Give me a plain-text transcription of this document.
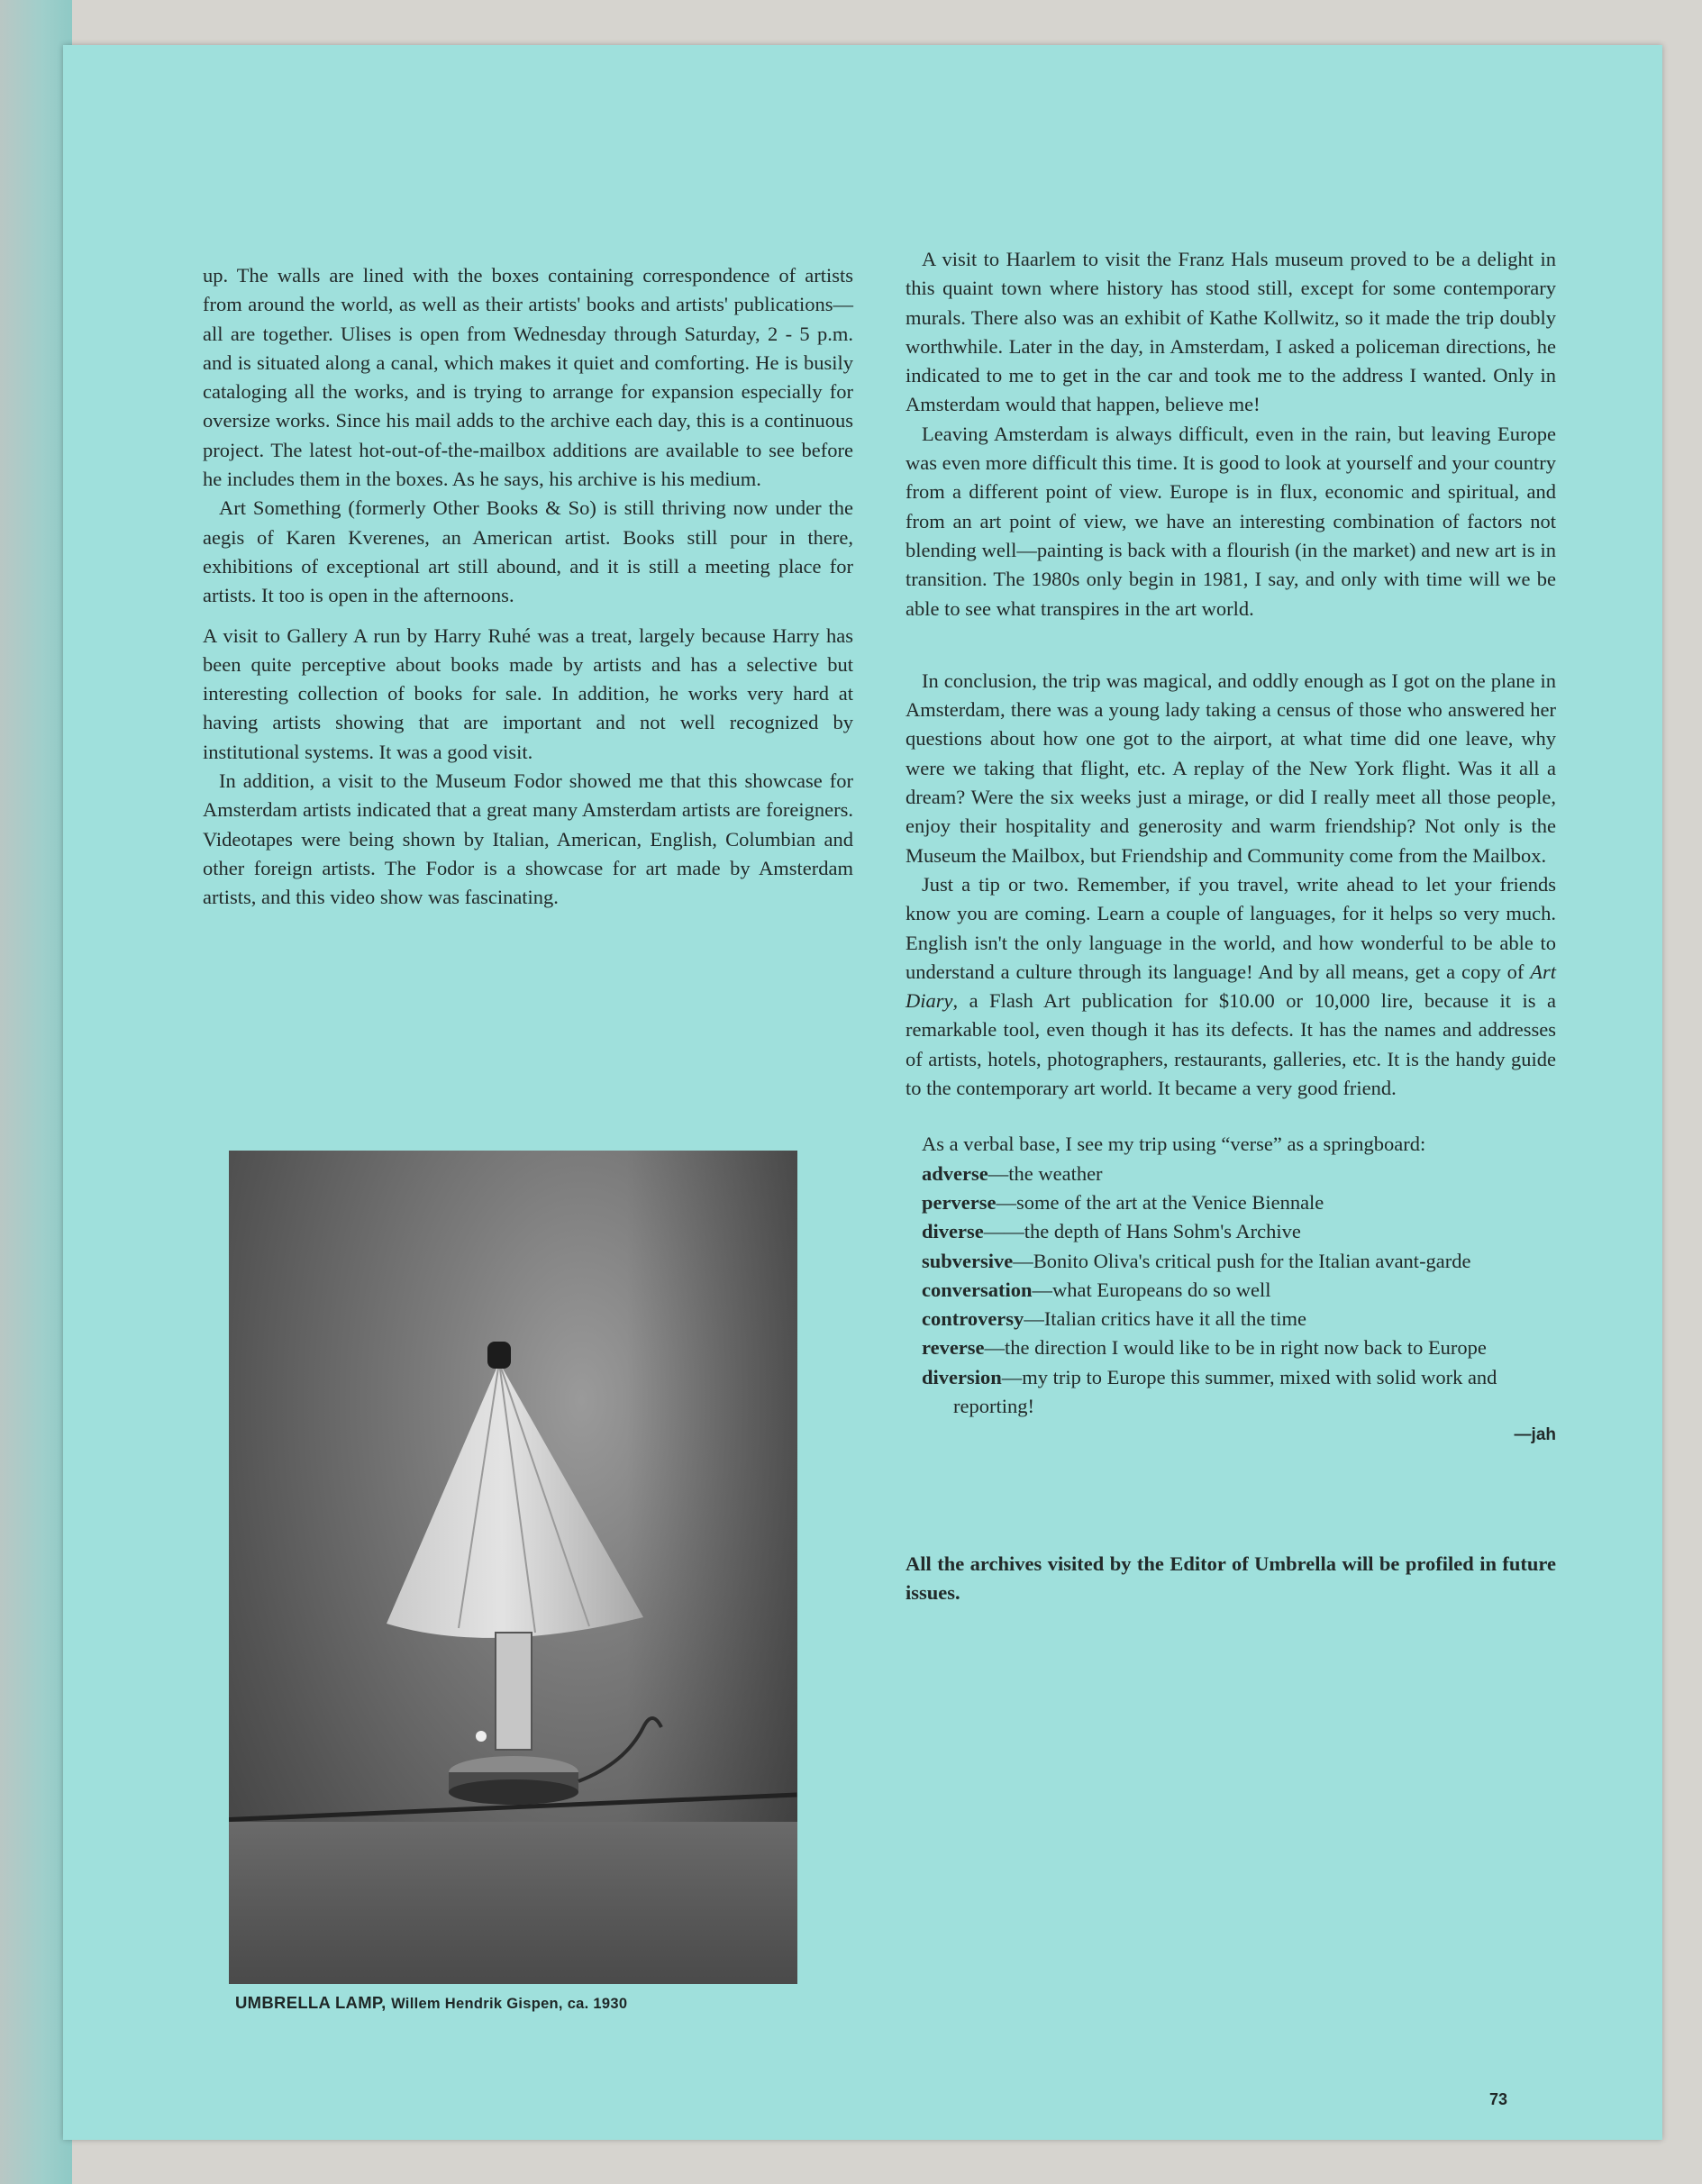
up. The walls are lined with the boxes containing correspondence of artists from around the world, as well as their artists' books and artists' publications—all are together. Ulises is open from Wednesday through Saturday, 2 - 5 p.m. and is situated along a canal, which makes it quiet and comforting. He is busily cataloging all the works, and is trying to arrange for expansion especially for oversize works. Since his mail adds to the archive each day, this is a continuous project. The latest hot-out-of-the-mailbox additions are available to see before he includes them in the boxes. As he says, his archive is his medium.

Art Something (formerly Other Books & So) is still thriving now under the aegis of Karen Kverenes, an American artist. Books still pour in there, exhibitions of exceptional art still abound, and it is still a meeting place for artists. It too is open in the afternoons.

A visit to Gallery A run by Harry Ruhé was a treat, largely because Harry has been quite perceptive about books made by artists and has a selective but interesting collection of books for sale. In addition, he works very hard at having artists showing that are important and not well recognized by institutional systems. It was a good visit.

In addition, a visit to the Museum Fodor showed me that this showcase for Amsterdam artists indicated that a great many Amsterdam artists are foreigners. Videotapes were being shown by Italian, American, English, Columbian and other foreign artists. The Fodor is a showcase for art made by Amsterdam artists, and this video show was fascinating.

UMBRELLA LAMP, Willem Hendrik Gispen, ca. 1930

A visit to Haarlem to visit the Franz Hals museum proved to be a delight in this quaint town where history has stood still, except for some contemporary murals. There also was an exhibit of Kathe Kollwitz, so it made the trip doubly worthwhile. Later in the day, in Amsterdam, I asked a policeman directions, he indicated to me to get in the car and took me to the address I wanted. Only in Amsterdam would that happen, believe me!

Leaving Amsterdam is always difficult, even in the rain, but leaving Europe was even more difficult this time. It is good to look at yourself and your country from a different point of view. Europe is in flux, economic and spiritual, and from an art point of view, we have an interesting combination of factors not blending well—painting is back with a flourish (in the market) and new art is in transition. The 1980s only begin in 1981, I say, and only with time will we be able to see what transpires in the art world.

In conclusion, the trip was magical, and oddly enough as I got on the plane in Amsterdam, there was a young lady taking a census of those who answered her questions about how one got to the airport, at what time did one leave, why were we taking that flight, etc. A replay of the New York flight. Was it all a dream? Were the six weeks just a mirage, or did I really meet all those people, enjoy their hospitality and generosity and warm friendship? Not only is the Museum the Mailbox, but Friendship and Community come from the Mailbox.

Just a tip or two. Remember, if you travel, write ahead to let your friends know you are coming. Learn a couple of languages, for it helps so very much. English isn't the only language in the world, and how wonderful to be able to understand a culture through its language! And by all means, get a copy of Art Diary, a Flash Art publication for $10.00 or 10,000 lire, because it is a remarkable tool, even though it has its defects. It has the names and addresses of artists, hotels, photographers, restaurants, galleries, etc. It is the handy guide to the contemporary art world. It became a very good friend.

As a verbal base, I see my trip using “verse” as a springboard:

adverse—the weather

perverse—some of the art at the Venice Biennale

diverse——the depth of Hans Sohm's Archive

subversive—Bonito Oliva's critical push for the Italian avant-garde

conversation—what Europeans do so well

controversy—Italian critics have it all the time

reverse—the direction I would like to be in right now back to Europe

diversion—my trip to Europe this summer, mixed with solid work and reporting!

—jah

All the archives visited by the Editor of Umbrella will be profiled in future issues.

73
